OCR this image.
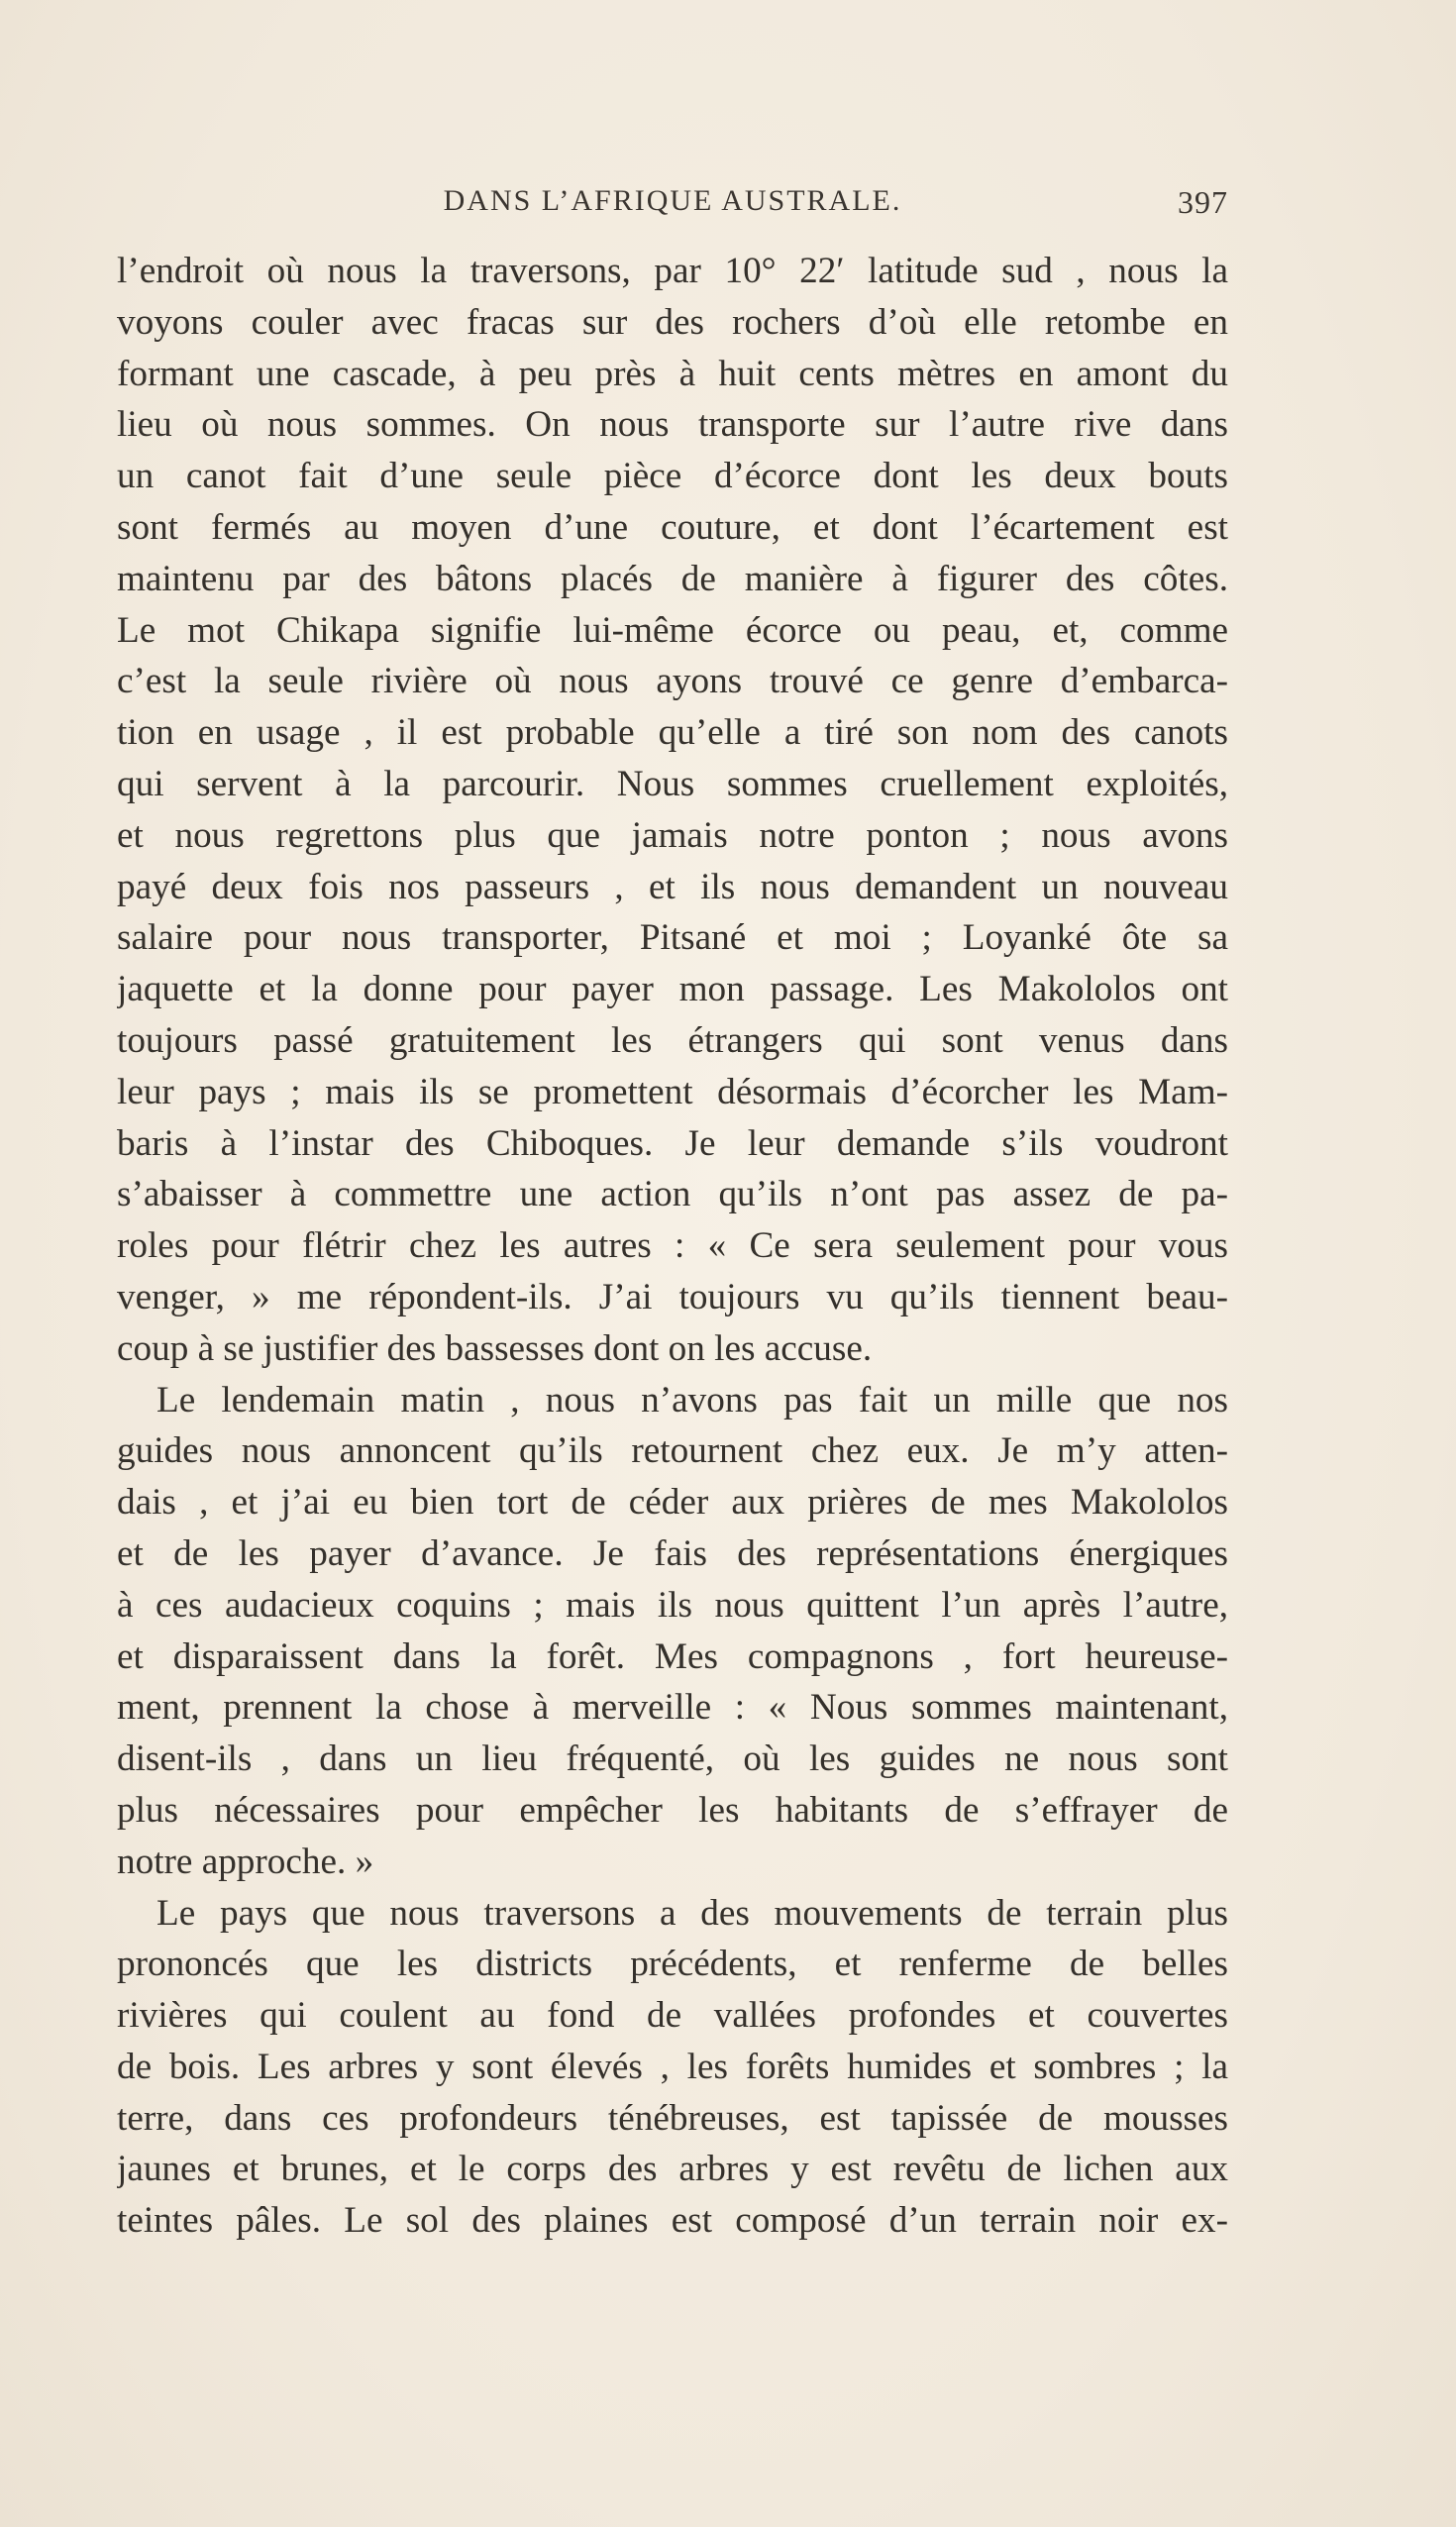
DANS L’AFRIQUE AUSTRALE.	397
l’endroit où nous la traversons, par 10° 22′ latitude sud , nous la
voyons couler avec fracas sur des rochers d’où elle retombe en
formant une cascade, à peu près à huit cents mètres en amont du
lieu où nous sommes. On nous transporte sur l’autre rive dans
un canot fait d’une seule pièce d’écorce dont les deux bouts
sont fermés au moyen d’une couture, et dont l’écartement est
maintenu par des bâtons placés de manière à figurer des côtes.
Le mot Chikapa signifie lui-même écorce ou peau, et, comme
c’est la seule rivière où nous ayons trouvé ce genre d’embarca-
tion en usage , il est probable qu’elle a tiré son nom des canots
qui servent à la parcourir. Nous sommes cruellement exploités,
et nous regrettons plus que jamais notre ponton ; nous avons
payé deux fois nos passeurs , et ils nous demandent un nouveau
salaire pour nous transporter, Pitsané et moi ; Loyanké ôte sa
jaquette et la donne pour payer mon passage. Les Makololos ont
toujours passé gratuitement les étrangers qui sont venus dans
leur pays ; mais ils se promettent désormais d’écorcher les Mam-
baris à l’instar des Chiboques. Je leur demande s’ils voudront
s’abaisser à commettre une action qu’ils n’ont pas assez de pa-
roles pour flétrir chez les autres : « Ce sera seulement pour vous
venger, » me répondent-ils. J’ai toujours vu qu’ils tiennent beau-
coup à se justifier des bassesses dont on les accuse.
Le lendemain matin , nous n’avons pas fait un mille que nos
guides nous annoncent qu’ils retournent chez eux. Je m’y atten-
dais , et j’ai eu bien tort de céder aux prières de mes Makololos
et de les payer d’avance. Je fais des représentations énergiques
à ces audacieux coquins ; mais ils nous quittent l’un après l’autre,
et disparaissent dans la forêt. Mes compagnons , fort heureuse-
ment, prennent la chose à merveille : « Nous sommes maintenant,
disent-ils , dans un lieu fréquenté, où les guides ne nous sont
plus nécessaires pour empêcher les habitants de s’effrayer de
notre approche. »
Le pays que nous traversons a des mouvements de terrain plus
prononcés que les districts précédents, et renferme de belles
rivières qui coulent au fond de vallées profondes et couvertes
de bois. Les arbres y sont élevés , les forêts humides et sombres ; la
terre, dans ces profondeurs ténébreuses, est tapissée de mousses
jaunes et brunes, et le corps des arbres y est revêtu de lichen aux
teintes pâles. Le sol des plaines est composé d’un terrain noir ex-
